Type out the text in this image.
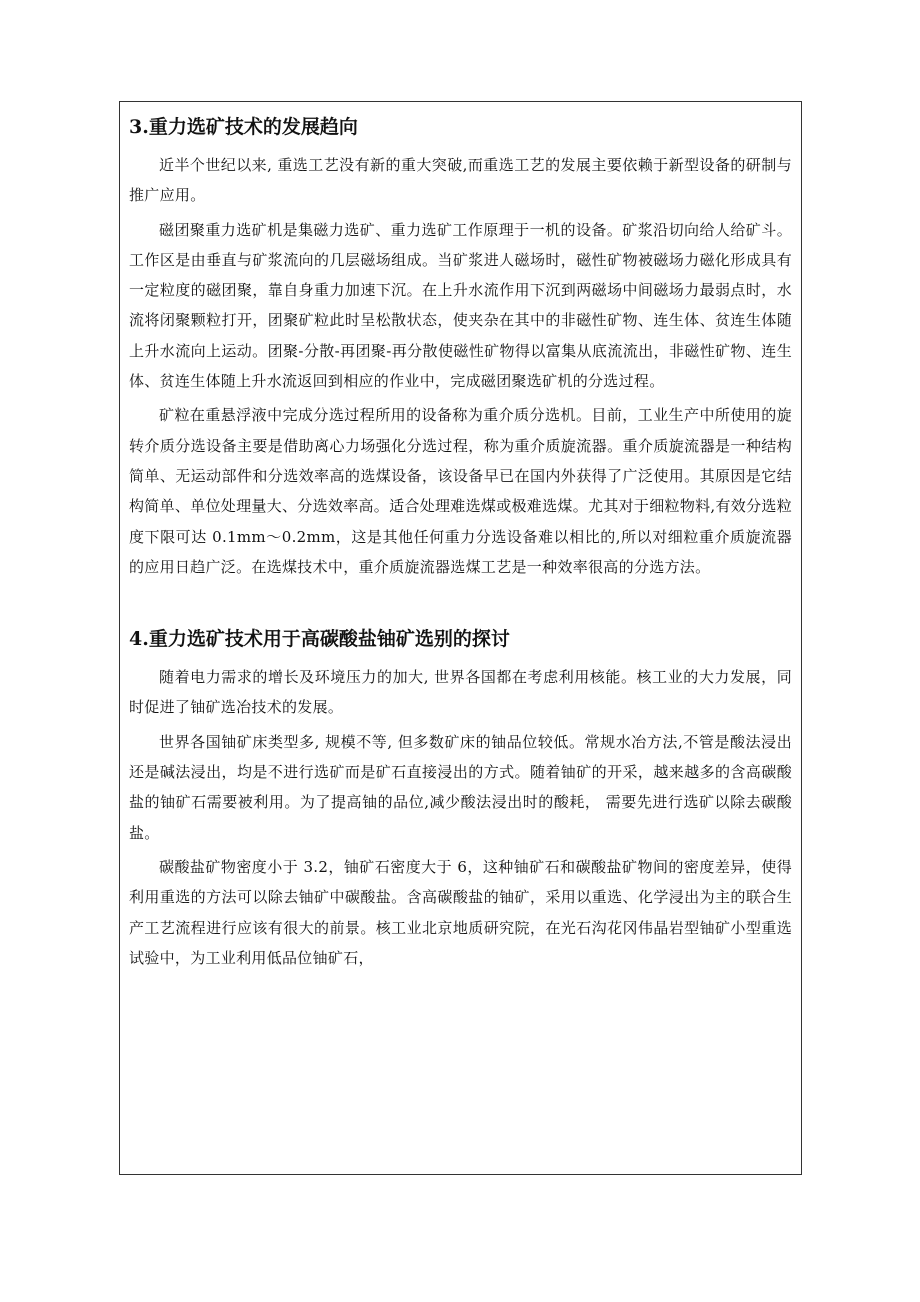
3.重力选矿技术的发展趋向

近半个世纪以来, 重选工艺没有新的重大突破,而重选工艺的发展主要依赖于新型设备的研制与推广应用。

磁团聚重力选矿机是集磁力选矿、重力选矿工作原理于一机的设备。矿浆沿切向给人给矿斗。工作区是由垂直与矿浆流向的几层磁场组成。当矿浆进人磁场时，磁性矿物被磁场力磁化形成具有一定粒度的磁团聚，靠自身重力加速下沉。在上升水流作用下沉到两磁场中间磁场力最弱点时，水流将闭聚颗粒打开，团聚矿粒此时呈松散状态，使夹杂在其中的非磁性矿物、连生体、贫连生体随上升水流向上运动。团聚-分散-再团聚-再分散使磁性矿物得以富集从底流流出，非磁性矿物、连生体、贫连生体随上升水流返回到相应的作业中，完成磁团聚选矿机的分选过程。

矿粒在重悬浮液中完成分选过程所用的设备称为重介质分选机。目前，工业生产中所使用的旋转介质分选设备主要是借助离心力场强化分选过程，称为重介质旋流器。重介质旋流器是一种结构简单、无运动部件和分选效率高的选煤设备，该设备早已在国内外获得了广泛使用。其原因是它结构简单、单位处理量大、分选效率高。适合处理难选煤或极难选煤。尤其对于细粒物料,有效分选粒度下限可达 0.1mm～0.2mm，这是其他任何重力分选设备难以相比的,所以对细粒重介质旋流器的应用日趋广泛。在选煤技术中，重介质旋流器选煤工艺是一种效率很高的分选方法。

4.重力选矿技术用于高碳酸盐铀矿选别的探讨

随着电力需求的增长及环境压力的加大, 世界各国都在考虑利用核能。核工业的大力发展，同时促进了铀矿选冶技术的发展。

世界各国铀矿床类型多, 规模不等, 但多数矿床的铀品位较低。常规水冶方法,不管是酸法浸出还是碱法浸出，均是不进行选矿而是矿石直接浸出的方式。随着铀矿的开采，越来越多的含高碳酸盐的铀矿石需要被利用。为了提高铀的品位,减少酸法浸出时的酸耗， 需要先进行选矿以除去碳酸盐。

碳酸盐矿物密度小于 3.2，铀矿石密度大于 6，这种铀矿石和碳酸盐矿物间的密度差异，使得利用重选的方法可以除去铀矿中碳酸盐。含高碳酸盐的铀矿，采用以重选、化学浸出为主的联合生产工艺流程进行应该有很大的前景。核工业北京地质研究院，在光石沟花冈伟晶岩型铀矿小型重选试验中，为工业利用低品位铀矿石，
